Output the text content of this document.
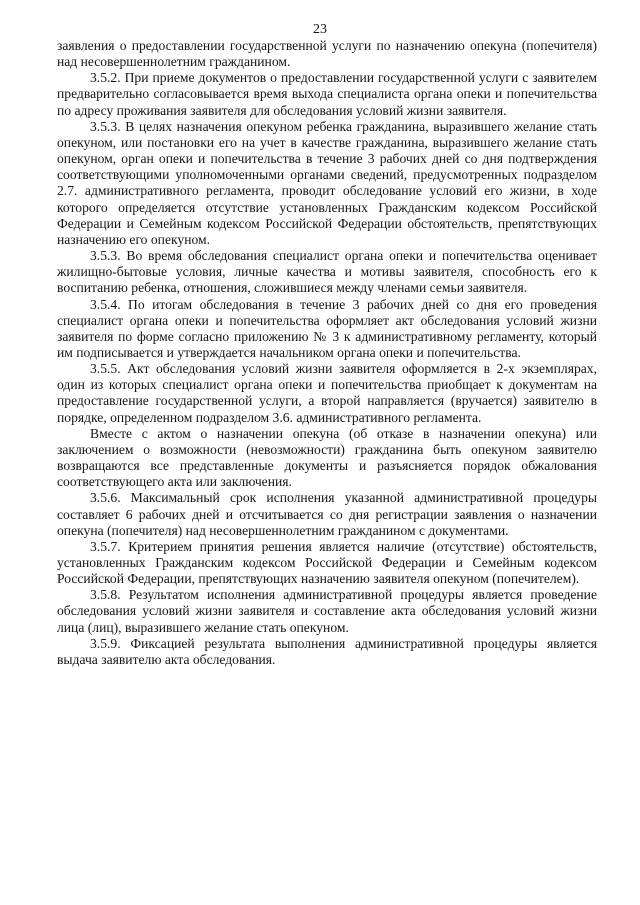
23

заявления о предоставлении государственной услуги по назначению опекуна (попечителя) над несовершеннолетним гражданином.

3.5.2. При приеме документов о предоставлении государственной услуги с заявителем предварительно согласовывается время выхода специалиста органа опеки и попечительства по адресу проживания заявителя для обследования условий жизни заявителя.

3.5.3. В целях назначения опекуном ребенка гражданина, выразившего желание стать опекуном, или постановки его на учет в качестве гражданина, выразившего желание стать опекуном, орган опеки и попечительства в течение 3 рабочих дней со дня подтверждения соответствующими уполномоченными органами сведений, предусмотренных подразделом 2.7. административного регламента, проводит обследование условий его жизни, в ходе которого определяется отсутствие установленных Гражданским кодексом Российской Федерации и Семейным кодексом Российской Федерации обстоятельств, препятствующих назначению его опекуном.

3.5.3. Во время обследования специалист органа опеки и попечительства оценивает жилищно-бытовые условия, личные качества и мотивы заявителя, способность его к воспитанию ребенка, отношения, сложившиеся между членами семьи заявителя.

3.5.4. По итогам обследования в течение 3 рабочих дней со дня его проведения специалист органа опеки и попечительства оформляет акт обследования условий жизни заявителя по форме согласно приложению № 3 к административному регламенту, который им подписывается и утверждается начальником органа опеки и попечительства.

3.5.5. Акт обследования условий жизни заявителя оформляется в 2-х экземплярах, один из которых специалист органа опеки и попечительства приобщает к документам на предоставление государственной услуги, а второй направляется (вручается) заявителю в порядке, определенном подразделом 3.6. административного регламента.

Вместе с актом о назначении опекуна (об отказе в назначении опекуна) или заключением о возможности (невозможности) гражданина быть опекуном заявителю возвращаются все представленные документы и разъясняется порядок обжалования соответствующего акта или заключения.

3.5.6. Максимальный срок исполнения указанной административной процедуры составляет 6 рабочих дней и отсчитывается со дня регистрации заявления о назначении опекуна (попечителя) над несовершеннолетним гражданином с документами.

3.5.7. Критерием принятия решения является наличие (отсутствие) обстоятельств, установленных Гражданским кодексом Российской Федерации и Семейным кодексом Российской Федерации, препятствующих назначению заявителя опекуном (попечителем).

3.5.8. Результатом исполнения административной процедуры является проведение обследования условий жизни заявителя и составление акта обследования условий жизни лица (лиц), выразившего желание стать опекуном.

3.5.9. Фиксацией результата выполнения административной процедуры является выдача заявителю акта обследования.
